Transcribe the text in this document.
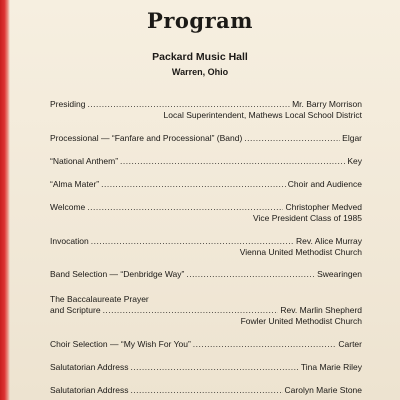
Program
Packard Music Hall
Warren, Ohio
Presiding .....	Mr. Barry Morrison
Local Superintendent, Mathews Local School District
Processional — “Fanfare and Processional” (Band) .....	Elgar
“National Anthem” .....	Key
“Alma Mater” .....	Choir and Audience
Welcome .....	Christopher Medved
Vice President Class of 1985
Invocation .....	Rev. Alice Murray
Vienna United Methodist Church
Band Selection — “Denbridge Way” .....	Swearingen
The Baccalaureate Prayer
and Scripture .....	Rev. Marlin Shepherd
Fowler United Methodist Church
Choir Selection — “My Wish For You” .....	Carter
Salutatorian Address .....	Tina Marie Riley
Salutatorian Address .....	Carolyn Marie Stone
